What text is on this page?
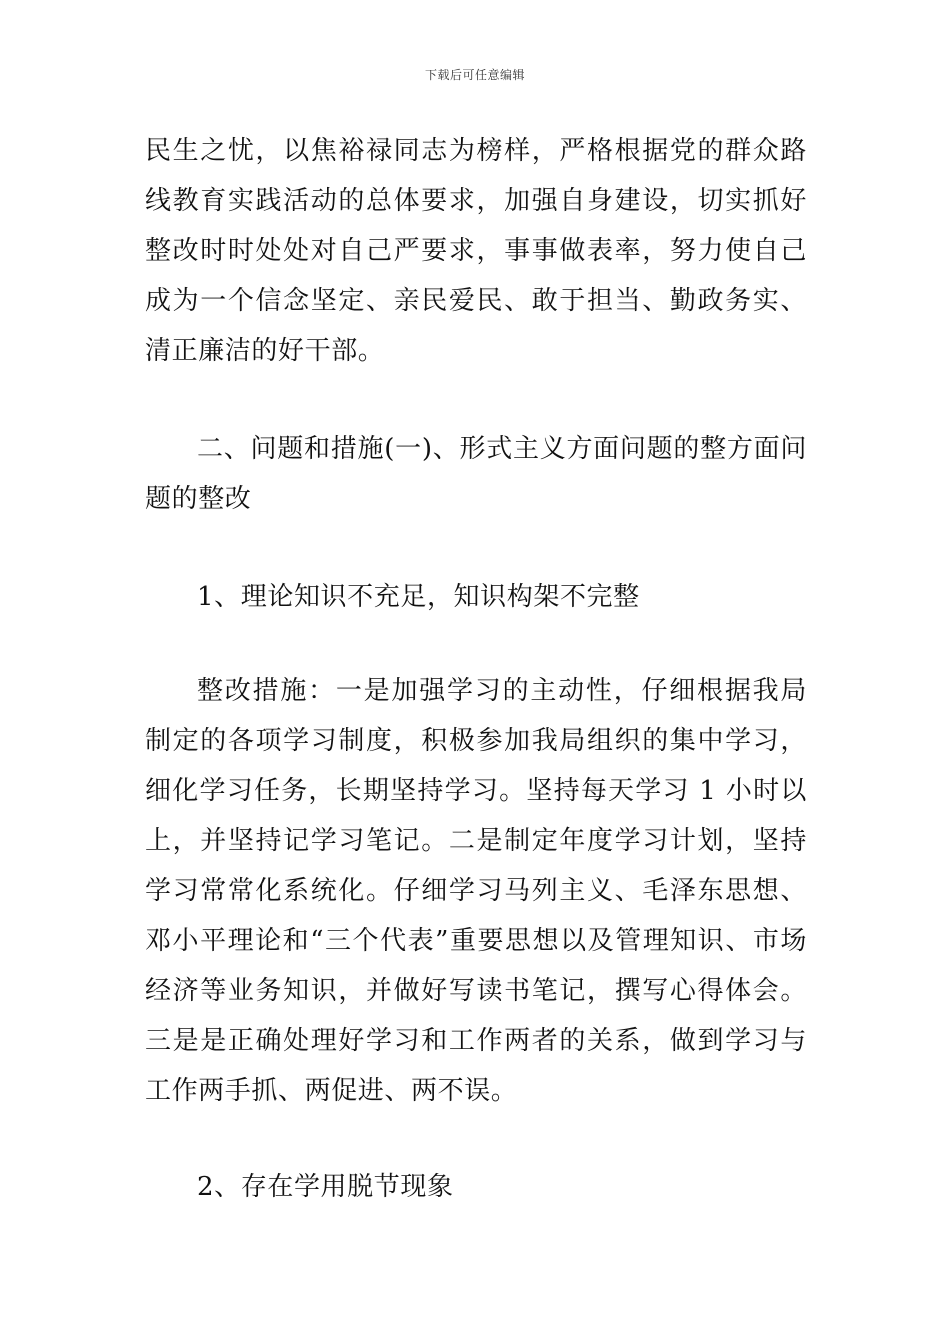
下载后可任意编辑

民生之忧，以焦裕禄同志为榜样，严格根据党的群众路线教育实践活动的总体要求，加强自身建设，切实抓好整改时时处处对自己严要求，事事做表率，努力使自己成为一个信念坚定、亲民爱民、敢于担当、勤政务实、清正廉洁的好干部。

二、问题和措施(一)、形式主义方面问题的整方面问题的整改

1、理论知识不充足，知识构架不完整

整改措施：一是加强学习的主动性，仔细根据我局制定的各项学习制度，积极参加我局组织的集中学习，细化学习任务，长期坚持学习。坚持每天学习 1 小时以上，并坚持记学习笔记。二是制定年度学习计划，坚持学习常常化系统化。仔细学习马列主义、毛泽东思想、邓小平理论和“三个代表”重要思想以及管理知识、市场经济等业务知识，并做好写读书笔记，撰写心得体会。三是是正确处理好学习和工作两者的关系，做到学习与工作两手抓、两促进、两不误。

2、存在学用脱节现象
